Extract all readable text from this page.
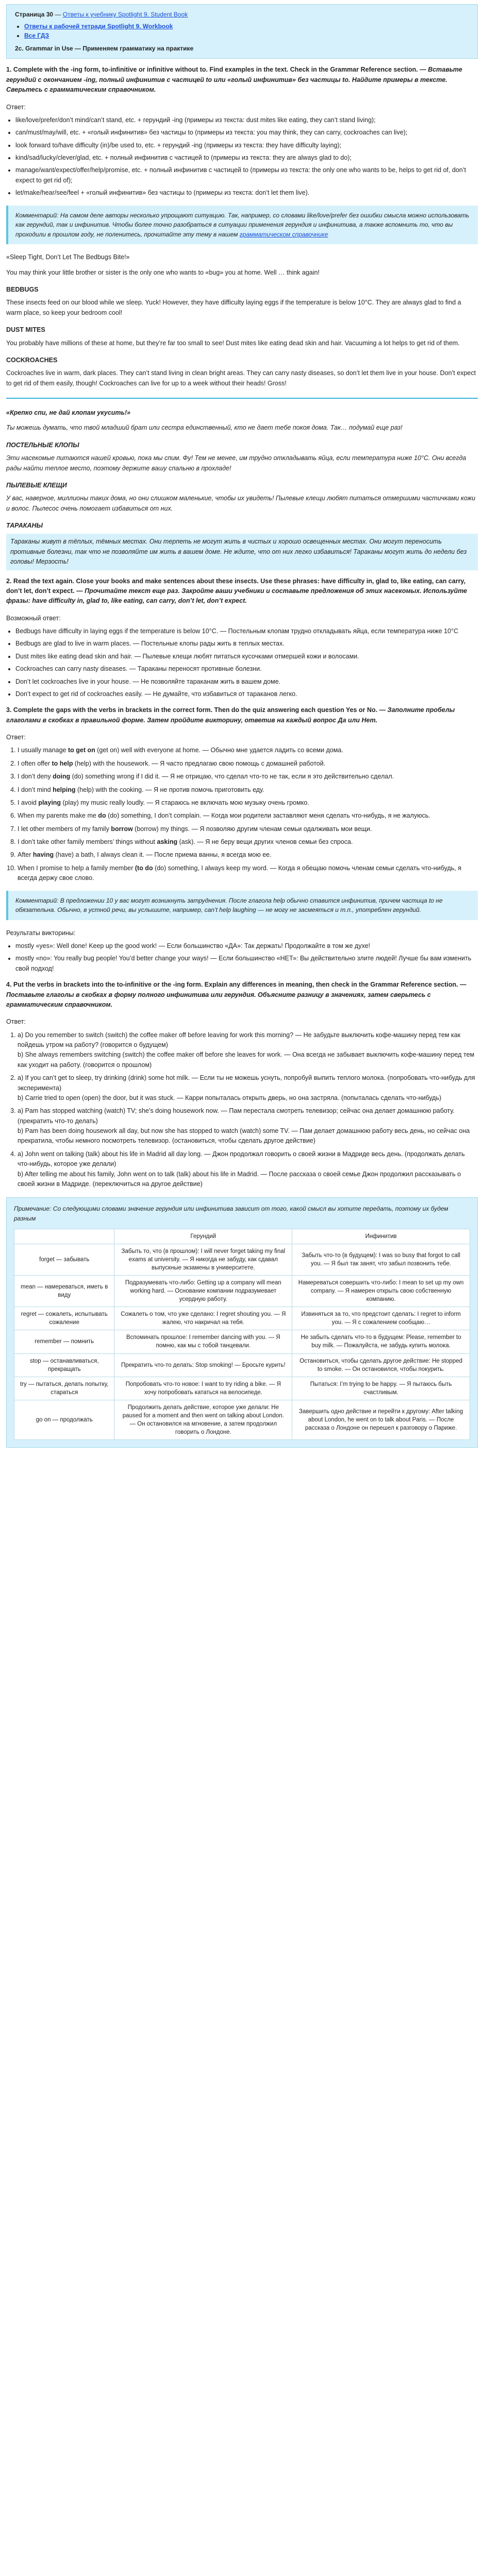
Страница 30 — Ответы к учебнику Spotlight 9. Student Book
• Ответы к рабочей тетради Spotlight 9. Workbook
• Все ГДЗ
2c. Grammar in Use — Применяем грамматику на практике
1. Complete with the -ing form, to-infinitive or infinitive without to. Find examples in the text. Check in the Grammar Reference section. — Вставьте герундий с окончанием -ing, полный инфинитив с частицей to или «голый инфинитив» без частицы to. Найдите примеры в тексте. Сверьтесь с грамматическим справочником.
Ответ:
• like/love/prefer/don’t mind/can’t stand, etc. + герундий -ing (примеры из текста: dust mites like eating, they can’t stand living);
• can/must/may/will, etc. + «голый инфинитив» без частицы to (примеры из текста: you may think, they can carry, cockroaches can live);
• look forward to/have difficulty (in)/be used to, etc. + герундий -ing (примеры из текста: they have difficulty laying);
• kind/sad/lucky/clever/glad, etc. + полный инфинитив с частицей to (примеры из текста: they are always glad to do);
• manage/want/expect/offer/help/promise, etc. + полный инфинитив с частицей to (примеры из текста: the only one who wants to be, helps to get rid of, don’t expect to get rid of);
• let/make/hear/see/feel + «голый инфинитив» без частицы to (примеры из текста: don’t let them live).
Комментарий: На самом деле авторы несколько упрощают ситуацию. Так, например, со словами like/love/prefer без ошибки смысла можно использовать как герундий, так и инфинитив. Чтобы более точно разобраться в ситуации применения герундия и инфинитива, а также вспомнить то, что вы проходили в прошлом году, не поленитесь, прочитайте эту тему в нашем грамматическом справочнике

«Sleep Tight, Don’t Let The Bedbugs Bite!»

You may think your little brother or sister is the only one who wants to «bug» you at home. Well … think again!

BEDBUGS

These insects feed on our blood while we sleep. Yuck! However, they have difficulty laying eggs if the temperature is below 10°C. They are always glad to find a warm place, so keep your bedroom cool!

DUST MITES

You probably have millions of these at home, but they’re far too small to see! Dust mites like eating dead skin and hair. Vacuuming a lot helps to get rid of them.

COCKROACHES

Cockroaches live in warm, dark places. They can’t stand living in clean bright areas. They can carry nasty diseases, so don’t let them live in your house. Don’t expect to get rid of them easily, though! Cockroaches can live for up to a week without their heads! Gross!

«Крепко спи, не дай клопам укусить!»

Ты можешь думать, что твой младший брат или сестра единственный, кто не дает тебе покоя дома. Так… подумай еще раз!

ПОСТЕЛЬНЫЕ КЛОПЫ

Эти насекомые питаются нашей кровью, пока мы спим. Фу! Тем не менее, им трудно откладывать яйца, если температура ниже 10°С. Они всегда рады найти теплое место, поэтому держите вашу спальню в прохладе!

ПЫЛЕВЫЕ КЛЕЩИ

У вас, наверное, миллионы таких дома, но они слишком маленькие, чтобы их увидеть! Пылевые клещи любят питаться отмершими частичками кожи и волос. Пылесос очень помогает избавиться от них.

ТАРАКАНЫ

Тараканы живут в тёплых, тёмных местах. Они терпеть не могут жить в чистых и хорошо освещенных местах. Они могут переносить противные болезни, так что не позволяйте им жить в вашем доме. Не ждите, что от них легко избавиться! Тараканы могут жить до недели без головы! Мерзость!

2. Read the text again. Close your books and make sentences about these insects. Use these phrases: have difficulty in, glad to, like eating, can carry, don’t let, don’t expect. — Прочитайте текст еще раз. Закройте ваши учебники и составьте предложения об этих насекомых. Используйте фразы: have difficulty in, glad to, like eating, can carry, don’t let, don’t expect.
Возможный ответ:
• Bedbugs have difficulty in laying eggs if the temperature is below 10°C. — Постельным клопам трудно откладывать яйца, если температура ниже 10°C
• Bedbugs are glad to live in warm places. — Постельные клопы рады жить в теплых местах.
• Dust mites like eating dead skin and hair. — Пылевые клещи любят питаться кусочками отмершей кожи и волосами.
• Cockroaches can carry nasty diseases. — Тараканы переносят противные болезни.
• Don’t let cockroaches live in your house. — Не позволяйте тараканам жить в вашем доме.
• Don’t expect to get rid of cockroaches easily. — Не думайте, что избавиться от тараканов легко.
3. Complete the gaps with the verbs in brackets in the correct form. Then do the quiz answering each question Yes or No. — Заполните пробелы глаголами в скобках в правильной форме. Затем пройдите викторину, ответив на каждый вопрос Да или Нет.
Ответ:
1. I usually manage to get on (get on) well with everyone at home. — Обычно мне удается ладить со всеми дома.
2. I often offer to help (help) with the housework. — Я часто предлагаю свою помощь с домашней работой.
3. I don’t deny doing (do) something wrong if I did it. — Я не отрицаю, что сделал что-то не так, если я это действительно сделал.
4. I don’t mind helping (help) with the cooking. — Я не против помочь приготовить еду.
5. I avoid playing (play) my music really loudly. — Я стараюсь не включать мою музыку очень громко.
6. When my parents make me do (do) something, I don’t complain. — Когда мои родители заставляют меня сделать что-нибудь, я не жалуюсь.
7. I let other members of my family borrow (borrow) my things. — Я позволяю другим членам семьи одалживать мои вещи.
8. I don’t take other family members’ things without asking (ask). — Я не беру вещи других членов семьи без спроса.
9. After having (have) a bath, I always clean it. — После приема ванны, я всегда мою ее.
10. When I promise to help a family member (to do (do) something, I always keep my word. — Когда я обещаю помочь членам семьи сделать что-нибудь, я всегда держу свое слово.
Комментарий: В предложении 10 у вас могут возникнуть затруднения. После глагола help обычно ставится инфинитив, причем частица to не обязательна. Обычно, в устной речи, вы услышите, например, can’t help laughing — не могу не засмеяться и т.п., употреблен герундий.
Результаты викторины:
• mostly «yes»: Well done! Keep up the good work! — Если большинство «ДА»: Так держать! Продолжайте в том же духе!
• mostly «no»: You really bug people! You’d better change your ways! — Если большинство «НЕТ»: Вы действительно злите людей! Лучше бы вам изменить свой подход!
4. Put the verbs in brackets into the to-infinitive or the -ing form. Explain any differences in meaning, then check in the Grammar Reference section. — Поставьте глаголы в скобках в форму полного инфинитива или герундия. Объясните разницу в значениях, затем сверьтесь с грамматическим справочником.
Ответ:
1. a) Do you remember to switch (switch) the coffee maker off before leaving for work this morning? — Не забудьте выключить кофе-машину перед тем как пойдешь утром на работу? (говорится о будущем)
b) She always remembers switching (switch) the coffee maker off before she leaves for work. — Она всегда не забывает выключить кофе-машину перед тем как уходит на работу. (говорится о прошлом)
2. a) If you can’t get to sleep, try drinking (drink) some hot milk. — Если ты не можешь уснуть, попробуй выпить теплого молока. (попробовать что-нибудь для эксперимента)
b) Carrie tried to open (open) the door, but it was stuck. — Карри попыталась открыть дверь, но она застряла. (попыталась сделать что-нибудь)
3. a) Pam has stopped watching (watch) TV; she’s doing housework now. — Пам перестала смотреть телевизор; сейчас она делает домашнюю работу. (прекратить что-то делать)
b) Pam has been doing housework all day, but now she has stopped to watch (watch) some TV. — Пам делает домашнюю работу весь день, но сейчас она прекратила, чтобы немного посмотреть телевизор. (остановиться, чтобы сделать другое действие)
4. a) John went on talking (talk) about his life in Madrid all day long. — Джон продолжал говорить о своей жизни в Мадриде весь день. (продолжать делать что-нибудь, которое уже делали)
b) After telling me about his family, John went on to talk (talk) about his life in Madrid. — После рассказа о своей семье Джон продолжил рассказывать о своей жизни в Мадриде. (переключиться на другое действие)
Примечание: Со следующими словами значение герундия или инфинитива зависит от того, какой смысл вы хотите передать, поэтому их будем разным
	Герундий	Инфинитив
forget — забывать	Забыть то, что (в прошлом): I will never forget taking my final exams at university. — Я никогда не забуду, как сдавал выпускные экзамены в университете.	Забыть что-то (в будущем): I was so busy that forgot to call you. — Я был так занят, что забыл позвонить тебе.
mean — намереваться, иметь в виду	Подразумевать что-либо: Getting up a company will mean working hard. — Основание компании подразумевает усердную работу.	Намереваться совершить что-либо: I mean to set up my own company. — Я намерен открыть свою собственную компанию.
regret — сожалеть, испытывать сожаление	Сожалеть о том, что уже сделано: I regret shouting you. — Я жалею, что накричал на тебя.	Извиняться за то, что предстоит сделать: I regret to inform you. — Я с сожалением сообщаю…
remember — помнить	Вспоминать прошлое: I remember dancing with you. — Я помню, как мы с тобой танцевали.	Не забыть сделать что-то в будущем: Please, remember to buy milk. — Пожалуйста, не забудь купить молока.
stop — останавливаться, прекращать	Прекратить что-то делать: Stop smoking! — Бросьте курить!	Остановиться, чтобы сделать другое действие: He stopped to smoke. — Он остановился, чтобы покурить.
try — пытаться, делать попытку, стараться	Попробовать что-то новое: I want to try riding a bike. — Я хочу попробовать кататься на велосипеде.	Пытаться: I’m trying to be happy. — Я пытаюсь быть счастливым.
go on — продолжать	Продолжить делать действие, которое уже делали: He paused for a moment and then went on talking about London. — Он остановился на мгновение, а затем продолжил говорить о Лондоне.	Завершить одно действие и перейти к другому: After talking about London, he went on to talk about Paris. — После рассказа о Лондоне он перешел к разговору о Париже.
